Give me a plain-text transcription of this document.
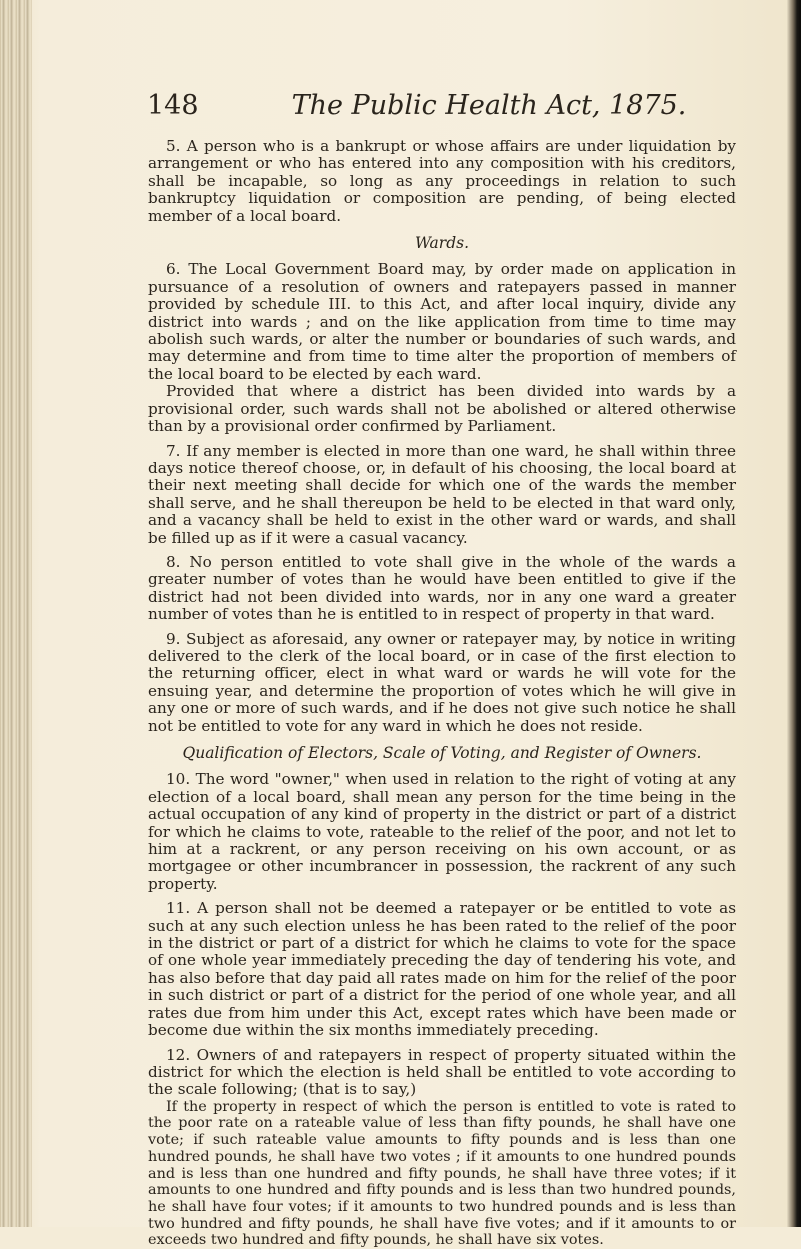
148	The Public Health Act, 1875.

5. A person who is a bankrupt or whose affairs are under liquidation by arrangement or who has entered into any composition with his creditors, shall be incapable, so long as any proceedings in relation to such bankruptcy liquidation or composition are pending, of being elected member of a local board.

Wards.

6. The Local Government Board may, by order made on application in pursuance of a resolution of owners and ratepayers passed in manner provided by schedule III. to this Act, and after local inquiry, divide any district into wards ; and on the like application from time to time may abolish such wards, or alter the number or boundaries of such wards, and may determine and from time to time alter the proportion of members of the local board to be elected by each ward.

Provided that where a district has been divided into wards by a provisional order, such wards shall not be abolished or altered otherwise than by a provisional order confirmed by Parliament.

7. If any member is elected in more than one ward, he shall within three days notice thereof choose, or, in default of his choosing, the local board at their next meeting shall decide for which one of the wards the member shall serve, and he shall thereupon be held to be elected in that ward only, and a vacancy shall be held to exist in the other ward or wards, and shall be filled up as if it were a casual vacancy.

8. No person entitled to vote shall give in the whole of the wards a greater number of votes than he would have been entitled to give if the district had not been divided into wards, nor in any one ward a greater number of votes than he is entitled to in respect of property in that ward.

9. Subject as aforesaid, any owner or ratepayer may, by notice in writing delivered to the clerk of the local board, or in case of the first election to the returning officer, elect in what ward or wards he will vote for the ensuing year, and determine the proportion of votes which he will give in any one or more of such wards, and if he does not give such notice he shall not be entitled to vote for any ward in which he does not reside.

Qualification of Electors, Scale of Voting, and Register of Owners.

10. The word "owner," when used in relation to the right of voting at any election of a local board, shall mean any person for the time being in the actual occupation of any kind of property in the district or part of a district for which he claims to vote, rateable to the relief of the poor, and not let to him at a rackrent, or any person receiving on his own account, or as mortgagee or other incumbrancer in possession, the rackrent of any such property.

11. A person shall not be deemed a ratepayer or be entitled to vote as such at any such election unless he has been rated to the relief of the poor in the district or part of a district for which he claims to vote for the space of one whole year immediately preceding the day of tendering his vote, and has also before that day paid all rates made on him for the relief of the poor in such district or part of a district for the period of one whole year, and all rates due from him under this Act, except rates which have been made or become due within the six months immediately preceding.

12. Owners of and ratepayers in respect of property situated within the district for which the election is held shall be entitled to vote according to the scale following; (that is to say,)

If the property in respect of which the person is entitled to vote is rated to the poor rate on a rateable value of less than fifty pounds, he shall have one vote; if such rateable value amounts to fifty pounds and is less than one hundred pounds, he shall have two votes ; if it amounts to one hundred pounds and is less than one hundred and fifty pounds, he shall have three votes; if it amounts to one hundred and fifty pounds and is less than two hundred pounds, he shall have four votes; if it amounts to two hundred pounds and is less than two hundred and fifty pounds, he shall have five votes; and if it amounts to or exceeds two hundred and fifty pounds, he shall have six votes.
